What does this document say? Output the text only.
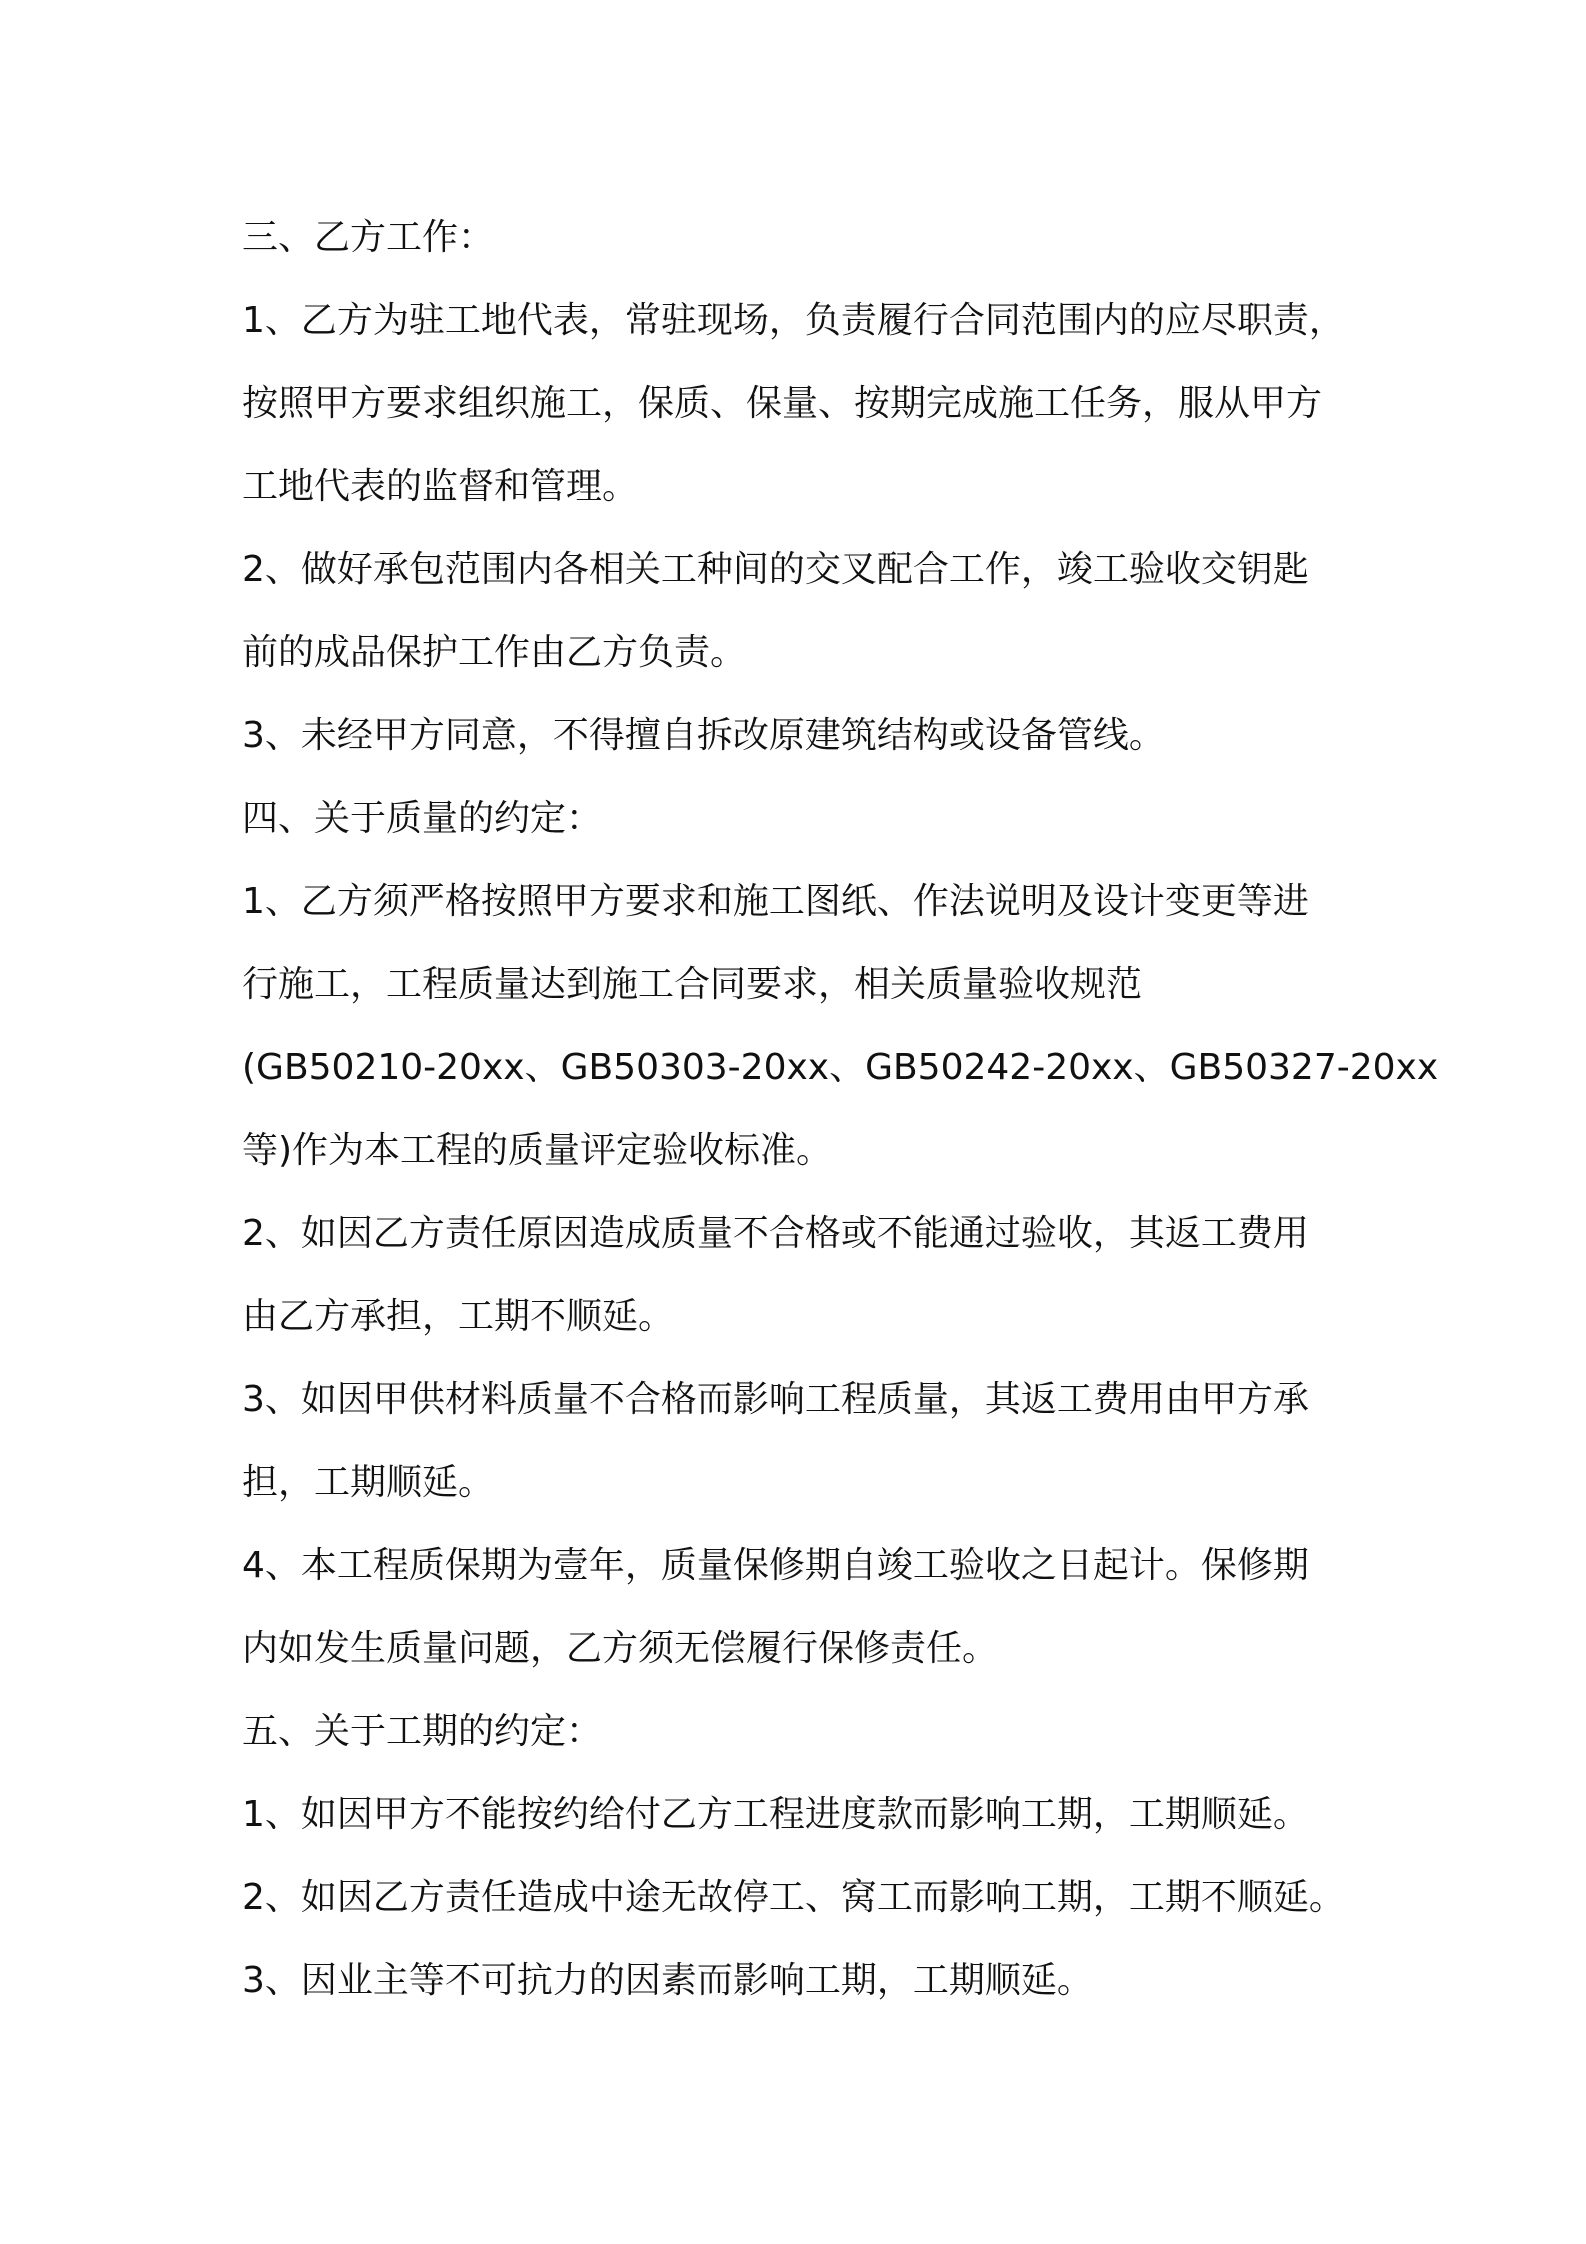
三、乙方工作：
1、乙方为驻工地代表，常驻现场，负责履行合同范围内的应尽职责，
按照甲方要求组织施工，保质、保量、按期完成施工任务，服从甲方
工地代表的监督和管理。
2、做好承包范围内各相关工种间的交叉配合工作，竣工验收交钥匙
前的成品保护工作由乙方负责。
3、未经甲方同意，不得擅自拆改原建筑结构或设备管线。
四、关于质量的约定：
1、乙方须严格按照甲方要求和施工图纸、作法说明及设计变更等进
行施工，工程质量达到施工合同要求，相关质量验收规范
(GB50210-20xx、GB50303-20xx、GB50242-20xx、GB50327-20xx
等)作为本工程的质量评定验收标准。
2、如因乙方责任原因造成质量不合格或不能通过验收，其返工费用
由乙方承担，工期不顺延。
3、如因甲供材料质量不合格而影响工程质量，其返工费用由甲方承
担，工期顺延。
4、本工程质保期为壹年，质量保修期自竣工验收之日起计。保修期
内如发生质量问题，乙方须无偿履行保修责任。
五、关于工期的约定：
1、如因甲方不能按约给付乙方工程进度款而影响工期，工期顺延。
2、如因乙方责任造成中途无故停工、窝工而影响工期，工期不顺延。
3、因业主等不可抗力的因素而影响工期，工期顺延。
